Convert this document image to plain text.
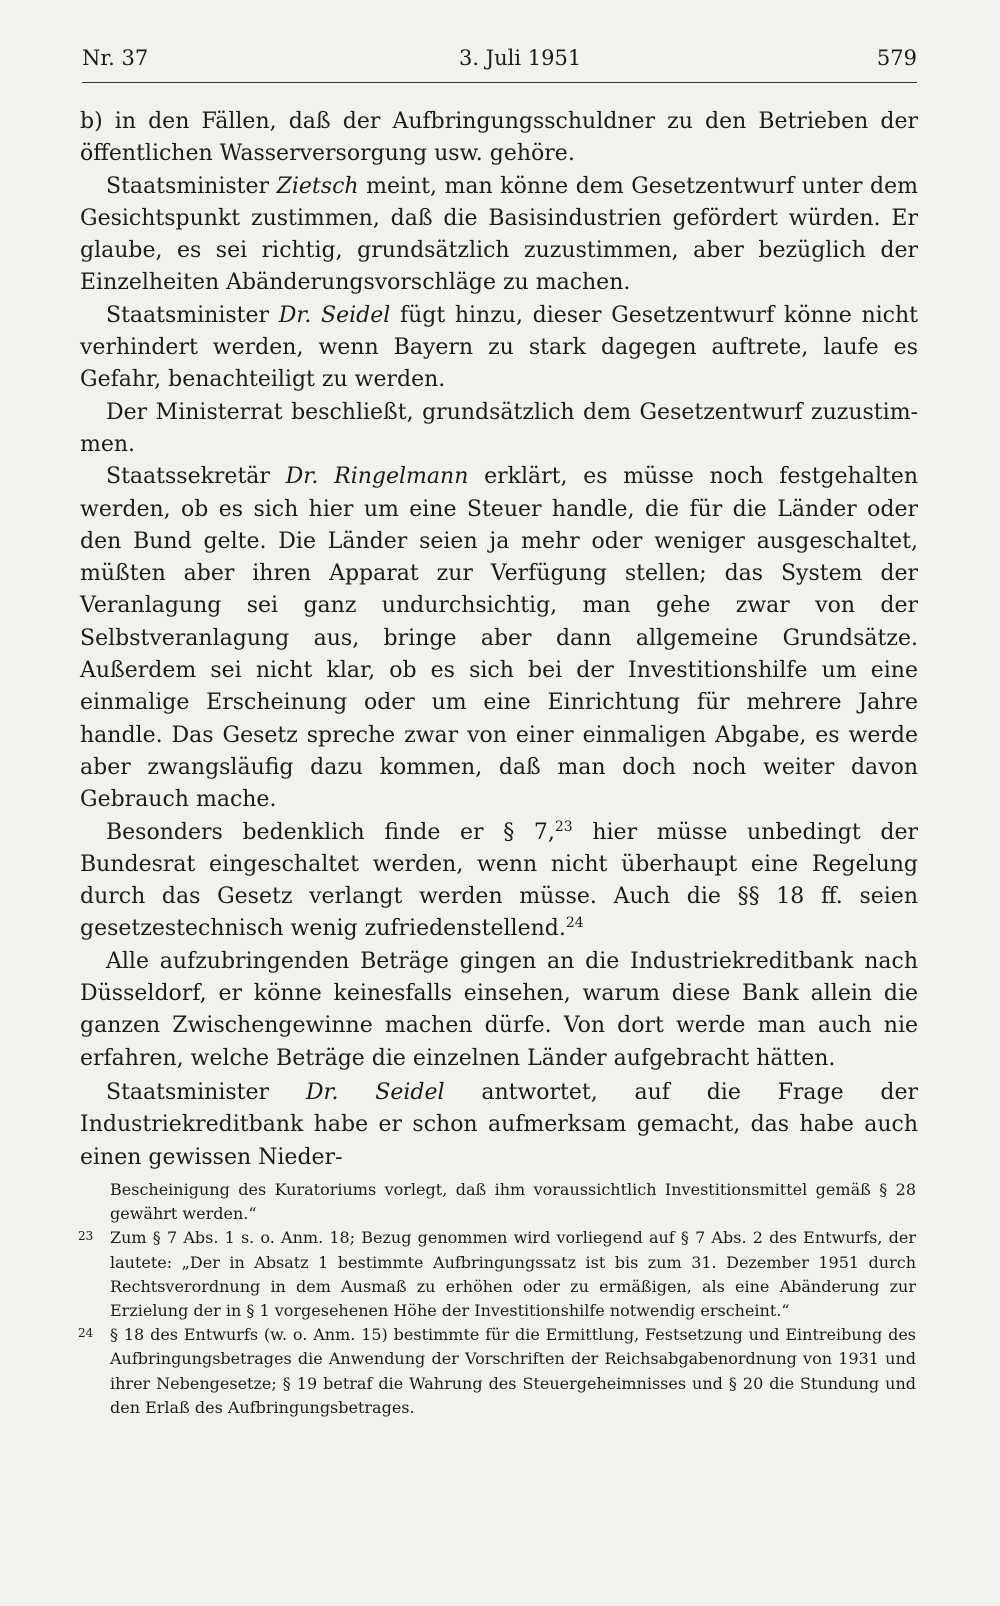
Nr. 37	3. Juli 1951	579

b) in den Fällen, daß der Aufbringungsschuldner zu den Betrieben der öffentlichen Wasserversorgung usw. gehöre.

Staatsminister Zietsch meint, man könne dem Gesetzentwurf unter dem Gesichtspunkt zustimmen, daß die Basisindustrien gefördert würden. Er glaube, es sei richtig, grundsätzlich zuzustimmen, aber bezüglich der Einzelheiten Abänderungsvorschläge zu machen.

Staatsminister Dr. Seidel fügt hinzu, dieser Gesetzentwurf könne nicht verhindert werden, wenn Bayern zu stark dagegen auftrete, laufe es Gefahr, benachteiligt zu werden.

Der Ministerrat beschließt, grundsätzlich dem Gesetzentwurf zuzustimmen.

Staatssekretär Dr. Ringelmann erklärt, es müsse noch festgehalten werden, ob es sich hier um eine Steuer handle, die für die Länder oder den Bund gelte. Die Länder seien ja mehr oder weniger ausgeschaltet, müßten aber ihren Apparat zur Verfügung stellen; das System der Veranlagung sei ganz undurchsichtig, man gehe zwar von der Selbstveranlagung aus, bringe aber dann allgemeine Grundsätze. Außerdem sei nicht klar, ob es sich bei der Investitionshilfe um eine einmalige Erscheinung oder um eine Einrichtung für mehrere Jahre handle. Das Gesetz spreche zwar von einer einmaligen Abgabe, es werde aber zwangsläufig dazu kommen, daß man doch noch weiter davon Gebrauch mache.

Besonders bedenklich finde er § 7,23 hier müsse unbedingt der Bundesrat eingeschaltet werden, wenn nicht überhaupt eine Regelung durch das Gesetz verlangt werden müsse. Auch die §§ 18 ff. seien gesetzestechnisch wenig zufriedenstellend.$^{24}$

Alle aufzubringenden Beträge gingen an die Industriekreditbank nach Düsseldorf, er könne keinesfalls einsehen, warum diese Bank allein die ganzen Zwischengewinne machen dürfe. Von dort werde man auch nie erfahren, welche Beträge die einzelnen Länder aufgebracht hätten.

Staatsminister Dr. Seidel antwortet, auf die Frage der Industriekreditbank habe er schon aufmerksam gemacht, das habe auch einen gewissen Nieder-

Bescheinigung des Kuratoriums vorlegt, daß ihm voraussichtlich Investitionsmittel gemäß § 28 gewährt werden.“
23 Zum § 7 Abs. 1 s. o. Anm. 18; Bezug genommen wird vorliegend auf § 7 Abs. 2 des Entwurfs, der lautete: „Der in Absatz 1 bestimmte Aufbringungssatz ist bis zum 31. Dezember 1951 durch Rechtsverordnung in dem Ausmaß zu erhöhen oder zu ermäßigen, als eine Abänderung zur Erzielung der in § 1 vorgesehenen Höhe der Investitionshilfe notwendig erscheint.“
24 § 18 des Entwurfs (w. o. Anm. 15) bestimmte für die Ermittlung, Festsetzung und Eintreibung des Aufbringungsbetrages die Anwendung der Vorschriften der Reichsabgabenordnung von 1931 und ihrer Nebengesetze; § 19 betraf die Wahrung des Steuergeheimnisses und § 20 die Stundung und den Erlaß des Aufbringungsbetrages.
